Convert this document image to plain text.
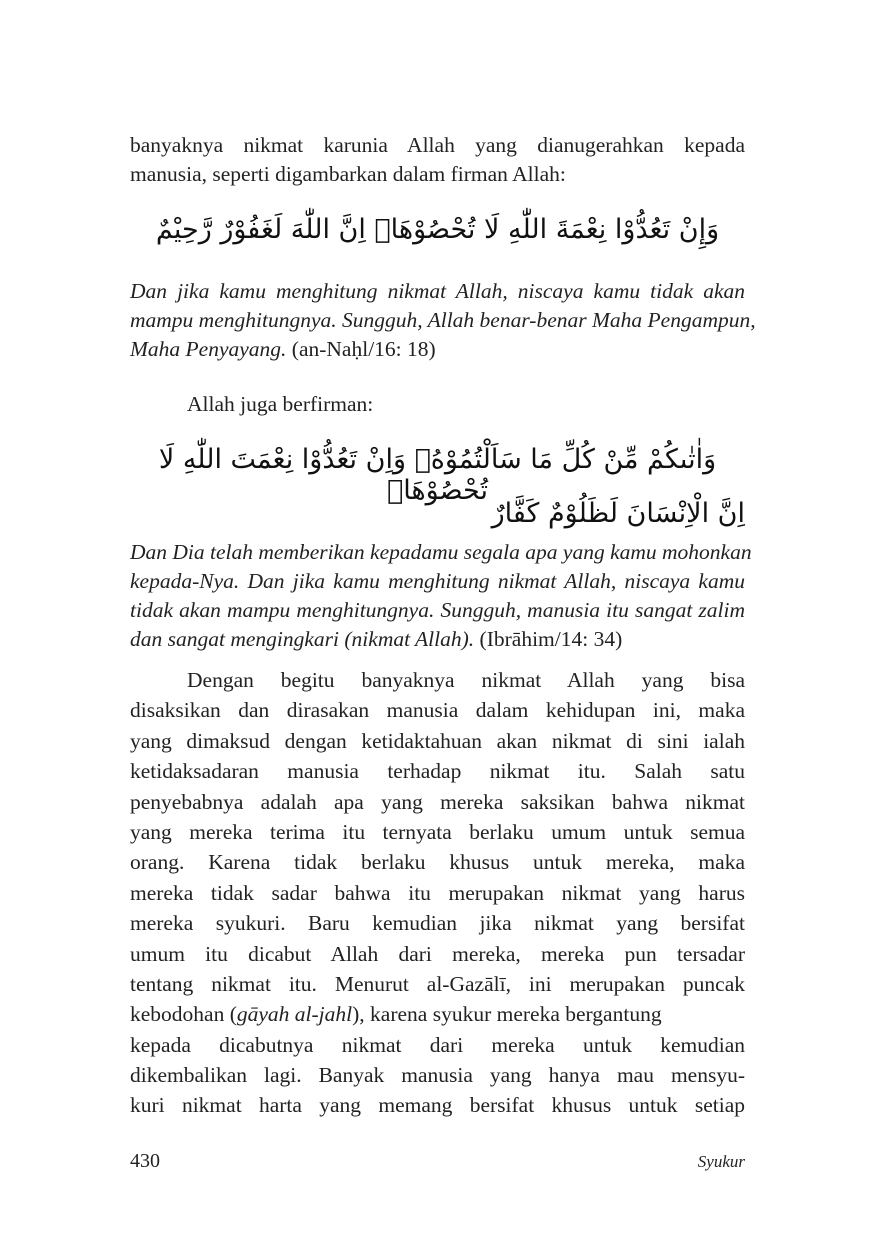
banyaknya nikmat karunia Allah yang dianugerahkan kepada
manusia, seperti digambarkan dalam firman Allah:
وَإِنْ تَعُدُّوْا نِعْمَةَ اللّٰهِ لَا تُحْصُوْهَاۗ اِنَّ اللّٰهَ لَغَفُوْرٌ رَّحِيْمٌ
Dan jika kamu menghitung nikmat Allah, niscaya kamu tidak akan
mampu menghitungnya. Sungguh, Allah benar-benar Maha Pengampun,
Maha Penyayang. (an-Naḥl/16: 18)
Allah juga berfirman:
وَاٰتٰىكُمْ مِّنْ كُلِّ مَا سَاَلْتُمُوْهُۗ وَاِنْ تَعُدُّوْا نِعْمَتَ اللّٰهِ لَا تُحْصُوْهَاۗ
اِنَّ الْاِنْسَانَ لَظَلُوْمٌ كَفَّارٌ
Dan Dia telah memberikan kepadamu segala apa yang kamu mohonkan
kepada-Nya. Dan jika kamu menghitung nikmat Allah, niscaya kamu
tidak akan mampu menghitungnya. Sungguh, manusia itu sangat zalim
dan sangat mengingkari (nikmat Allah). (Ibrāhim/14: 34)
Dengan begitu banyaknya nikmat Allah yang bisa
disaksikan dan dirasakan manusia dalam kehidupan ini, maka
yang dimaksud dengan ketidaktahuan akan nikmat di sini ialah
ketidaksadaran manusia terhadap nikmat itu. Salah satu
penyebabnya adalah apa yang mereka saksikan bahwa nikmat
yang mereka terima itu ternyata berlaku umum untuk semua
orang. Karena tidak berlaku khusus untuk mereka, maka
mereka tidak sadar bahwa itu merupakan nikmat yang harus
mereka syukuri. Baru kemudian jika nikmat yang bersifat
umum itu dicabut Allah dari mereka, mereka pun tersadar
tentang nikmat itu. Menurut al-Gazālī, ini merupakan puncak
kebodohan (gāyah al-jahl), karena syukur mereka bergantung
kepada dicabutnya nikmat dari mereka untuk kemudian
dikembalikan lagi. Banyak manusia yang hanya mau mensyu-
kuri nikmat harta yang memang bersifat khusus untuk setiap
430	Syukur
